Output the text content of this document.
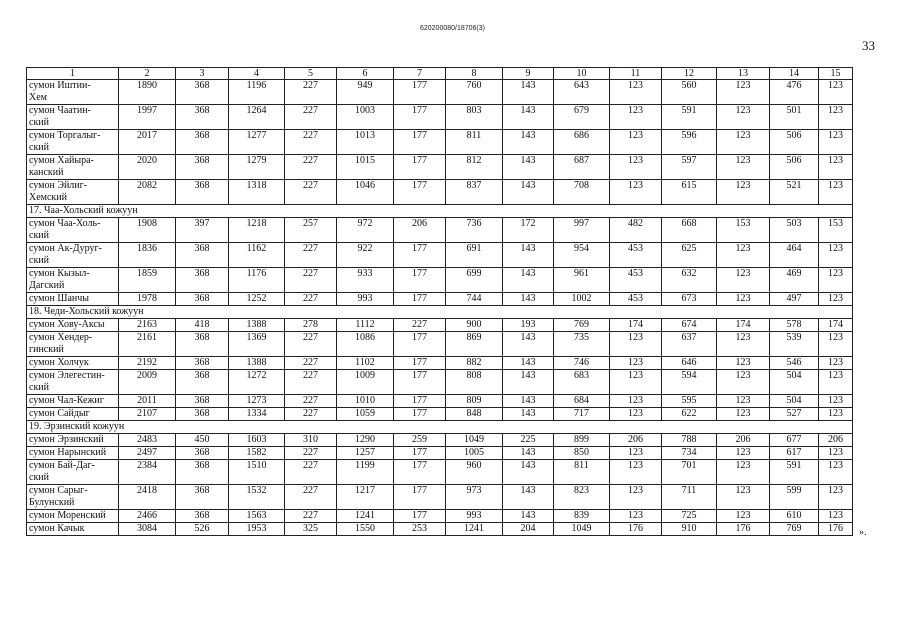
620200080/18706(3)
33
1	2	3	4	5	6	7	8	9	10	11	12	13	14	15

сумон Иштии-
Хем	1890	368	1196	227	949	177	760	143	643	123	560	123	476	123

сумон Чаатин-
ский	1997	368	1264	227	1003	177	803	143	679	123	591	123	501	123

сумон Торгалыг-
ский	2017	368	1277	227	1013	177	811	143	686	123	596	123	506	123

сумон Хайыра-
канский	2020	368	1279	227	1015	177	812	143	687	123	597	123	506	123

сумон Эйлиг-
Хемский	2082	368	1318	227	1046	177	837	143	708	123	615	123	521	123
17. Чаа-Хольский кожуун														

сумон Чаа-Холь-
ский	1908	397	1218	257	972	206	736	172	997	482	668	153	503	153

сумон Ак-Дуруг-
ский	1836	368	1162	227	922	177	691	143	954	453	625	123	464	123

сумон Кызыл-
Дагский	1859	368	1176	227	933	177	699	143	961	453	632	123	469	123

сумон Шанчы	1978	368	1252	227	993	177	744	143	1002	453	673	123	497	123
18. Чеди-Хольский кожуун														

сумон Хову-Аксы	2163	418	1388	278	1112	227	900	193	769	174	674	174	578	174

сумон Хендер-
гинский	2161	368	1369	227	1086	177	869	143	735	123	637	123	539	123

сумон Холчук	2192	368	1388	227	1102	177	882	143	746	123	646	123	546	123

сумон Элегестин-
ский	2009	368	1272	227	1009	177	808	143	683	123	594	123	504	123

сумон Чал-Кежиг	2011	368	1273	227	1010	177	809	143	684	123	595	123	504	123

сумон Сайдыг	2107	368	1334	227	1059	177	848	143	717	123	622	123	527	123
19. Эрзинский кожуун														

сумон Эрзинский	2483	450	1603	310	1290	259	1049	225	899	206	788	206	677	206

сумон Нарынский	2497	368	1582	227	1257	177	1005	143	850	123	734	123	617	123

сумон Бай-Даг-
ский	2384	368	1510	227	1199	177	960	143	811	123	701	123	591	123

сумон Сарыг-
Булунский	2418	368	1532	227	1217	177	973	143	823	123	711	123	599	123

сумон Моренский	2466	368	1563	227	1241	177	993	143	839	123	725	123	610	123

сумон Качык	3084	526	1953	325	1550	253	1241	204	1049	176	910	176	769	176 ».
